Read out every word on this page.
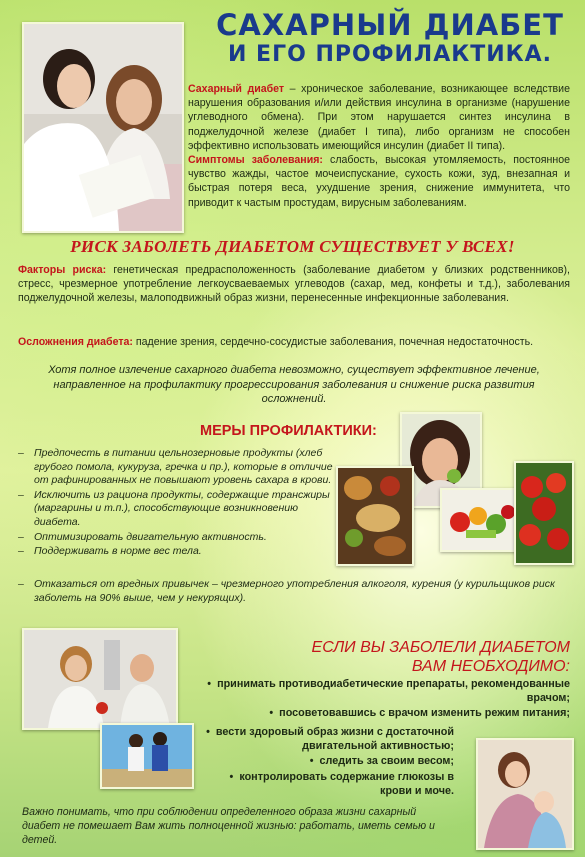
САХАРНЫЙ ДИАБЕТ
И ЕГО ПРОФИЛАКТИКА.

Сахарный диабет – хроническое заболевание, возникающее вследствие нарушения образования и/или действия инсулина в организме (нарушение углеводного обмена). При этом нарушается синтез инсулина в поджелудочной железе (диабет I типа), либо организм не способен эффективно использовать имеющийся инсулин (диабет II типа).

Симптомы заболевания: слабость, высокая утомляемость, постоянное чувство жажды, частое мочеиспускание, сухость кожи, зуд, внезапная и быстрая потеря веса, ухудшение зрения, снижение иммунитета, что приводит к частым простудам, вирусным заболеваниям.

РИСК ЗАБОЛЕТЬ ДИАБЕТОМ СУЩЕСТВУЕТ У ВСЕХ!

Факторы риска: генетическая предрасположенность (заболевание диабетом у близких родственников), стресс, чрезмерное употребление легкоусваеваемых углеводов (сахар, мед, конфеты и т.д.), заболевания поджелудочной железы, малоподвижный образ жизни, перенесенные инфекционные заболевания.

Осложнения диабета: падение зрения, сердечно-сосудистые заболевания, почечная недостаточность.

Хотя полное излечение сахарного диабета невозможно, существует эффективное лечение, направленное на профилактику прогрессирования заболевания и снижение риска развития осложнений.
МЕРЫ ПРОФИЛАКТИКИ:
– Предпочесть в питании цельнозерновые продукты (хлеб грубого помола, кукуруза, гречка и пр.), которые в отличие от рафинированных не повышают уровень сахара в крови.
– Исключить из рациона продукты, содержащие трансжиры (маргарины и т.п.), способствующие возникновению диабета.
– Оптимизировать двигательную активность.
– Поддерживать в норме вес тела.
– Отказаться от вредных привычек – чрезмерного употребления алкоголя, курения (у курильщиков риск заболеть на 90% выше, чем у некурящих).
ЕСЛИ ВЫ ЗАБОЛЕЛИ ДИАБЕТОМ
ВАМ НЕОБХОДИМО:
• принимать противодиабетические препараты, рекомендованные врачом;
• посоветовавшись с врачом изменить режим питания;
• вести здоровый образ жизни с достаточной двигательной активностью;
• следить за своим весом;
• контролировать содержание глюкозы в крови и моче.
Важно понимать, что при соблюдении определенного образа жизни сахарный диабет не помешает Вам жить полноценной жизнью: работать, иметь семью и детей.
